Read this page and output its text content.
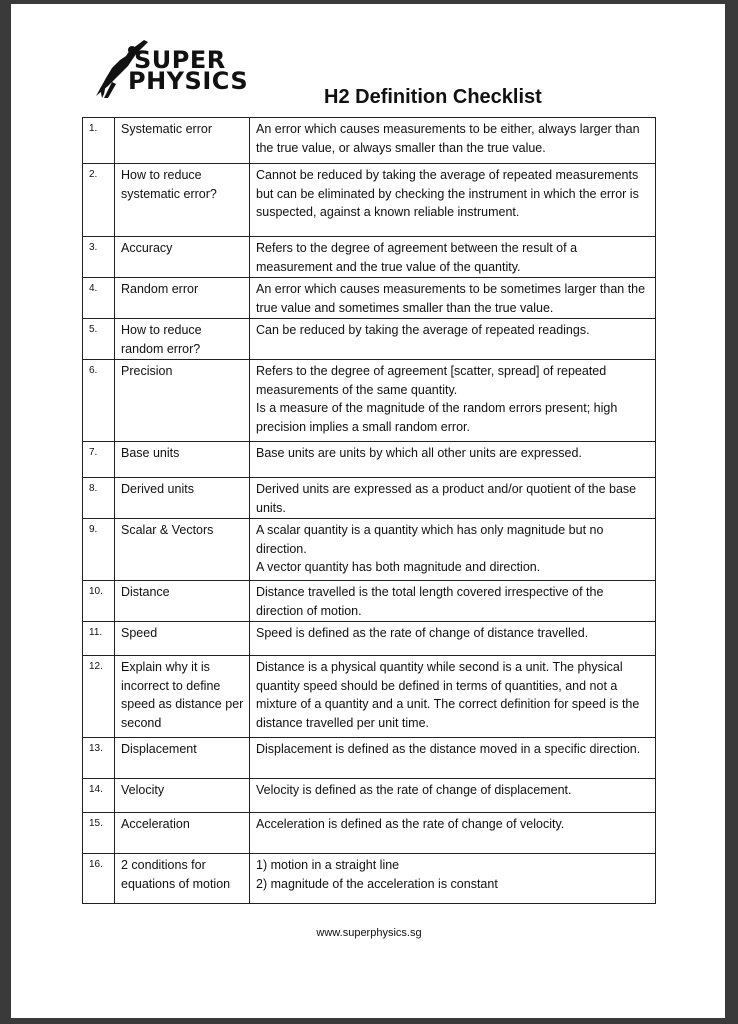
SUPER
PHYSICS
H2 Definition Checklist
1.	Systematic error	An error which causes measurements to be either, always larger than the true value, or always smaller than the true value.

2.	How to reduce systematic error?	Cannot be reduced by taking the average of repeated measurements but can be eliminated by checking the instrument in which the error is suspected, against a known reliable instrument.

3.	Accuracy	Refers to the degree of agreement between the result of a measurement and the true value of the quantity.

4.	Random error	An error which causes measurements to be sometimes larger than the true value and sometimes smaller than the true value.

5.	How to reduce random error?	Can be reduced by taking the average of repeated readings.

6.	Precision	Refers to the degree of agreement [scatter, spread] of repeated measurements of the same quantity.

Is a measure of the magnitude of the random errors present; high precision implies a small random error.

7.	Base units	Base units are units by which all other units are expressed.

8.	Derived units	Derived units are expressed as a product and/or quotient of the base units.

9.	Scalar & Vectors	A scalar quantity is a quantity which has only magnitude but no direction.

A vector quantity has both magnitude and direction.

10.	Distance	Distance travelled is the total length covered irrespective of the direction of motion.

11.	Speed	Speed is defined as the rate of change of distance travelled.

12.	Explain why it is incorrect to define speed as distance per second	Distance is a physical quantity while second is a unit. The physical quantity speed should be defined in terms of quantities, and not a mixture of a quantity and a unit. The correct definition for speed is the distance travelled per unit time.

13.	Displacement	Displacement is defined as the distance moved in a specific direction.

14.	Velocity	Velocity is defined as the rate of change of displacement.

15.	Acceleration	Acceleration is defined as the rate of change of velocity.

16.	2 conditions for equations of motion	1) motion in a straight line

2) magnitude of the acceleration is constant

www.superphysics.sg
